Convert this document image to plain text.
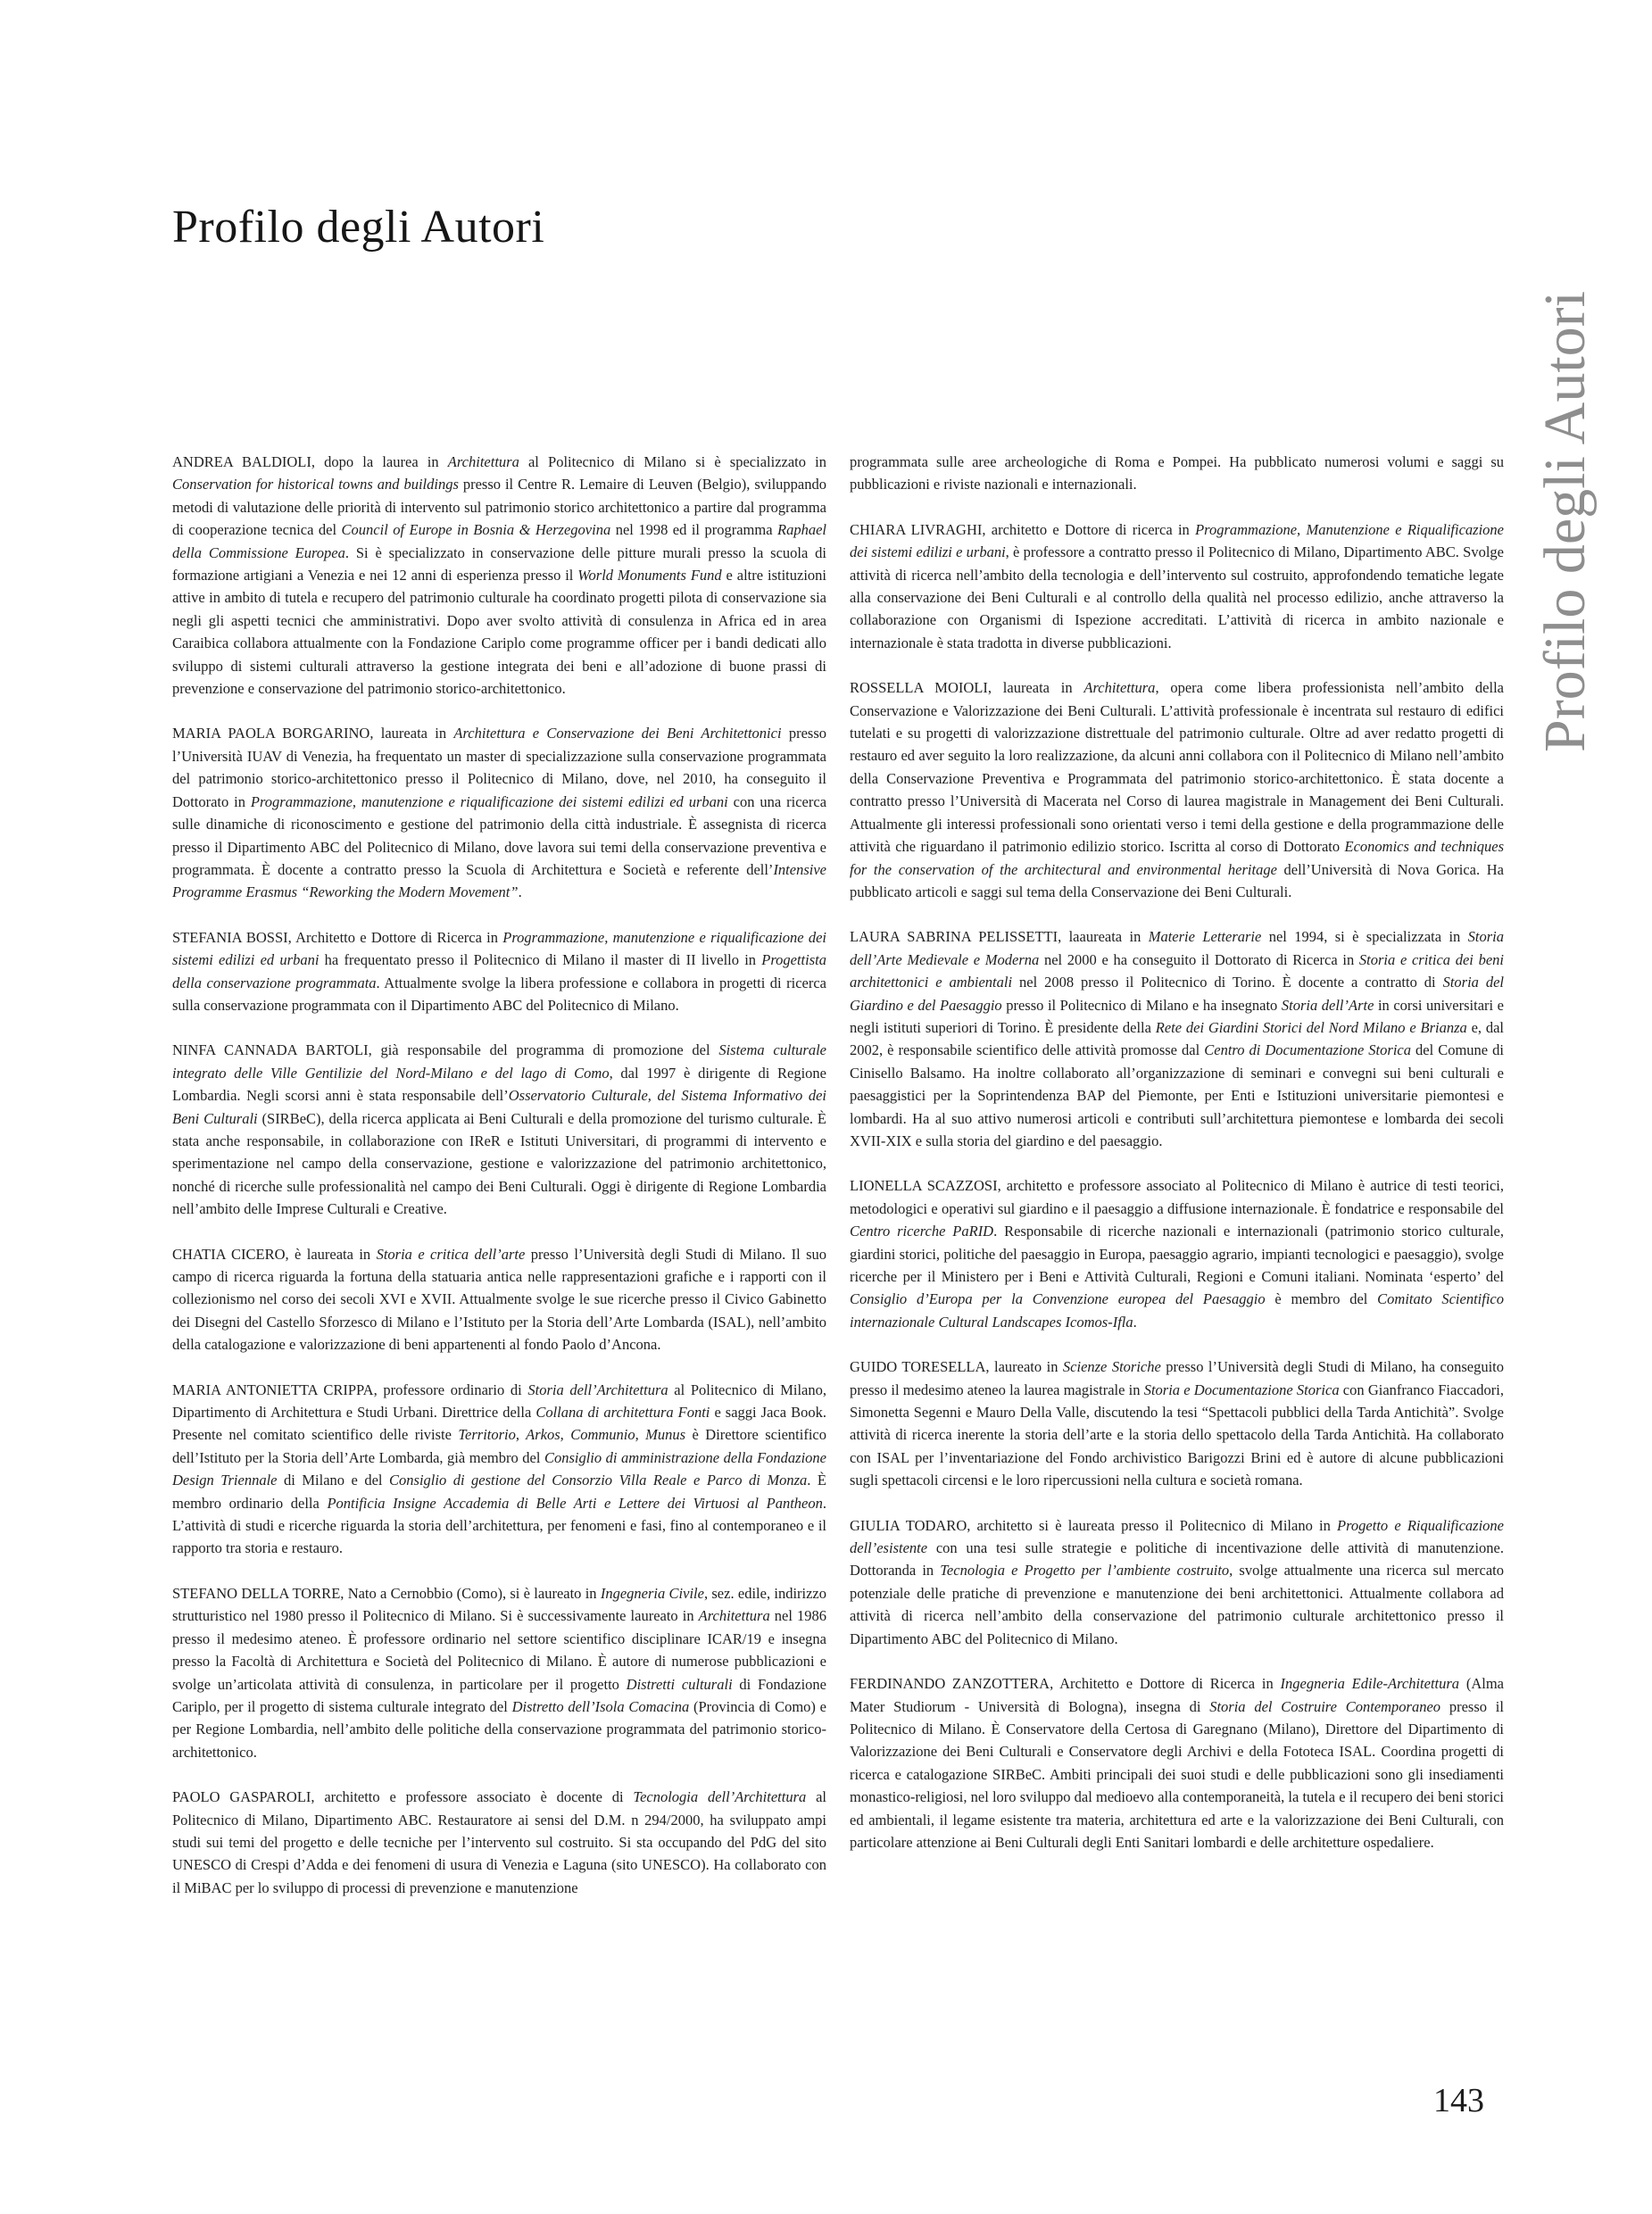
Profilo degli Autori

ANDREA BALDIOLI, dopo la laurea in Architettura al Politecnico di Milano si è specializzato in Conservation for historical towns and buildings presso il Centre R. Lemaire di Leuven (Belgio), sviluppando metodi di valutazione delle priorità di intervento sul patrimonio storico architettonico a partire dal programma di cooperazione tecnica del Council of Europe in Bosnia & Herzegovina nel 1998 ed il programma Raphael della Commissione Europea. Si è specializzato in conservazione delle pitture murali presso la scuola di formazione artigiani a Venezia e nei 12 anni di esperienza presso il World Monuments Fund e altre istituzioni attive in ambito di tutela e recupero del patrimonio culturale ha coordinato progetti pilota di conservazione sia negli gli aspetti tecnici che amministrativi. Dopo aver svolto attività di consulenza in Africa ed in area Caraibica collabora attualmente con la Fondazione Cariplo come programme officer per i bandi dedicati allo sviluppo di sistemi culturali attraverso la gestione integrata dei beni e all’adozione di buone prassi di prevenzione e conservazione del patrimonio storico-architettonico.

MARIA PAOLA BORGARINO, laureata in Architettura e Conservazione dei Beni Architettonici presso l’Università IUAV di Venezia, ha frequentato un master di specializzazione sulla conservazione programmata del patrimonio storico-architettonico presso il Politecnico di Milano, dove, nel 2010, ha conseguito il Dottorato in Programmazione, manutenzione e riqualificazione dei sistemi edilizi ed urbani con una ricerca sulle dinamiche di riconoscimento e gestione del patrimonio della città industriale. È assegnista di ricerca presso il Dipartimento ABC del Politecnico di Milano, dove lavora sui temi della conservazione preventiva e programmata. È docente a contratto presso la Scuola di Architettura e Società e referente dell’Intensive Programme Erasmus “Reworking the Modern Movement”.

STEFANIA BOSSI, Architetto e Dottore di Ricerca in Programmazione, manutenzione e riqualificazione dei sistemi edilizi ed urbani ha frequentato presso il Politecnico di Milano il master di II livello in Progettista della conservazione programmata. Attualmente svolge la libera professione e collabora in progetti di ricerca sulla conservazione programmata con il Dipartimento ABC del Politecnico di Milano.

NINFA CANNADA BARTOLI, già responsabile del programma di promozione del Sistema culturale integrato delle Ville Gentilizie del Nord-Milano e del lago di Como, dal 1997 è dirigente di Regione Lombardia. Negli scorsi anni è stata responsabile dell’Osservatorio Culturale, del Sistema Informativo dei Beni Culturali (SIRBeC), della ricerca applicata ai Beni Culturali e della promozione del turismo culturale. È stata anche responsabile, in collaborazione con IReR e Istituti Universitari, di programmi di intervento e sperimentazione nel campo della conservazione, gestione e valorizzazione del patrimonio architettonico, nonché di ricerche sulle professionalità nel campo dei Beni Culturali. Oggi è dirigente di Regione Lombardia nell’ambito delle Imprese Culturali e Creative.

CHATIA CICERO, è laureata in Storia e critica dell’arte presso l’Università degli Studi di Milano. Il suo campo di ricerca riguarda la fortuna della statuaria antica nelle rappresentazioni grafiche e i rapporti con il collezionismo nel corso dei secoli XVI e XVII. Attualmente svolge le sue ricerche presso il Civico Gabinetto dei Disegni del Castello Sforzesco di Milano e l’Istituto per la Storia dell’Arte Lombarda (ISAL), nell’ambito della catalogazione e valorizzazione di beni appartenenti al fondo Paolo d’Ancona.

MARIA ANTONIETTA CRIPPA, professore ordinario di Storia dell’Architettura al Politecnico di Milano, Dipartimento di Architettura e Studi Urbani. Direttrice della Collana di architettura Fonti e saggi Jaca Book. Presente nel comitato scientifico delle riviste Territorio, Arkos, Communio, Munus è Direttore scientifico dell’Istituto per la Storia dell’Arte Lombarda, già membro del Consiglio di amministrazione della Fondazione Design Triennale di Milano e del Consiglio di gestione del Consorzio Villa Reale e Parco di Monza. È membro ordinario della Pontificia Insigne Accademia di Belle Arti e Lettere dei Virtuosi al Pantheon. L’attività di studi e ricerche riguarda la storia dell’architettura, per fenomeni e fasi, fino al contemporaneo e il rapporto tra storia e restauro.

STEFANO DELLA TORRE, Nato a Cernobbio (Como), si è laureato in Ingegneria Civile, sez. edile, indirizzo strutturistico nel 1980 presso il Politecnico di Milano. Si è successivamente laureato in Architettura nel 1986 presso il medesimo ateneo. È professore ordinario nel settore scientifico disciplinare ICAR/19 e insegna presso la Facoltà di Architettura e Società del Politecnico di Milano. È autore di numerose pubblicazioni e svolge un’articolata attività di consulenza, in particolare per il progetto Distretti culturali di Fondazione Cariplo, per il progetto di sistema culturale integrato del Distretto dell’Isola Comacina (Provincia di Como) e per Regione Lombardia, nell’ambito delle politiche della conservazione programmata del patrimonio storico-architettonico.

PAOLO GASPAROLI, architetto e professore associato è docente di Tecnologia dell’Architettura al Politecnico di Milano, Dipartimento ABC. Restauratore ai sensi del D.M. n 294/2000, ha sviluppato ampi studi sui temi del progetto e delle tecniche per l’intervento sul costruito. Si sta occupando del PdG del sito UNESCO di Crespi d’Adda e dei fenomeni di usura di Venezia e Laguna (sito UNESCO). Ha collaborato con il MiBAC per lo sviluppo di processi di prevenzione e manutenzione

programmata sulle aree archeologiche di Roma e Pompei. Ha pubblicato numerosi volumi e saggi su pubblicazioni e riviste nazionali e internazionali.

CHIARA LIVRAGHI, architetto e Dottore di ricerca in Programmazione, Manutenzione e Riqualificazione dei sistemi edilizi e urbani, è professore a contratto presso il Politecnico di Milano, Dipartimento ABC. Svolge attività di ricerca nell’ambito della tecnologia e dell’intervento sul costruito, approfondendo tematiche legate alla conservazione dei Beni Culturali e al controllo della qualità nel processo edilizio, anche attraverso la collaborazione con Organismi di Ispezione accreditati. L’attività di ricerca in ambito nazionale e internazionale è stata tradotta in diverse pubblicazioni.

ROSSELLA MOIOLI, laureata in Architettura, opera come libera professionista nell’ambito della Conservazione e Valorizzazione dei Beni Culturali. L’attività professionale è incentrata sul restauro di edifici tutelati e su progetti di valorizzazione distrettuale del patrimonio culturale. Oltre ad aver redatto progetti di restauro ed aver seguito la loro realizzazione, da alcuni anni collabora con il Politecnico di Milano nell’ambito della Conservazione Preventiva e Programmata del patrimonio storico-architettonico. È stata docente a contratto presso l’Università di Macerata nel Corso di laurea magistrale in Management dei Beni Culturali. Attualmente gli interessi professionali sono orientati verso i temi della gestione e della programmazione delle attività che riguardano il patrimonio edilizio storico. Iscritta al corso di Dottorato Economics and techniques for the conservation of the architectural and environmental heritage dell’Università di Nova Gorica. Ha pubblicato articoli e saggi sul tema della Conservazione dei Beni Culturali.

LAURA SABRINA PELISSETTI, laaureata in Materie Letterarie nel 1994, si è specializzata in Storia dell’Arte Medievale e Moderna nel 2000 e ha conseguito il Dottorato di Ricerca in Storia e critica dei beni architettonici e ambientali nel 2008 presso il Politecnico di Torino. È docente a contratto di Storia del Giardino e del Paesaggio presso il Politecnico di Milano e ha insegnato Storia dell’Arte in corsi universitari e negli istituti superiori di Torino. È presidente della Rete dei Giardini Storici del Nord Milano e Brianza e, dal 2002, è responsabile scientifico delle attività promosse dal Centro di Documentazione Storica del Comune di Cinisello Balsamo. Ha inoltre collaborato all’organizzazione di seminari e convegni sui beni culturali e paesaggistici per la Soprintendenza BAP del Piemonte, per Enti e Istituzioni universitarie piemontesi e lombardi. Ha al suo attivo numerosi articoli e contributi sull’architettura piemontese e lombarda dei secoli XVII-XIX e sulla storia del giardino e del paesaggio.

LIONELLA SCAZZOSI, architetto e professore associato al Politecnico di Milano è autrice di testi teorici, metodologici e operativi sul giardino e il paesaggio a diffusione internazionale. È fondatrice e responsabile del Centro ricerche PaRID. Responsabile di ricerche nazionali e internazionali (patrimonio storico culturale, giardini storici, politiche del paesaggio in Europa, paesaggio agrario, impianti tecnologici e paesaggio), svolge ricerche per il Ministero per i Beni e Attività Culturali, Regioni e Comuni italiani. Nominata ‘esperto’ del Consiglio d’Europa per la Convenzione europea del Paesaggio è membro del Comitato Scientifico internazionale Cultural Landscapes Icomos-Ifla.

GUIDO TORESELLA, laureato in Scienze Storiche presso l’Università degli Studi di Milano, ha conseguito presso il medesimo ateneo la laurea magistrale in Storia e Documentazione Storica con Gianfranco Fiaccadori, Simonetta Segenni e Mauro Della Valle, discutendo la tesi “Spettacoli pubblici della Tarda Antichità”. Svolge attività di ricerca inerente la storia dell’arte e la storia dello spettacolo della Tarda Antichità. Ha collaborato con ISAL per l’inventariazione del Fondo archivistico Barigozzi Brini ed è autore di alcune pubblicazioni sugli spettacoli circensi e le loro ripercussioni nella cultura e società romana.

GIULIA TODARO, architetto si è laureata presso il Politecnico di Milano in Progetto e Riqualificazione dell’esistente con una tesi sulle strategie e politiche di incentivazione delle attività di manutenzione. Dottoranda in Tecnologia e Progetto per l’ambiente costruito, svolge attualmente una ricerca sul mercato potenziale delle pratiche di prevenzione e manutenzione dei beni architettonici. Attualmente collabora ad attività di ricerca nell’ambito della conservazione del patrimonio culturale architettonico presso il Dipartimento ABC del Politecnico di Milano.

FERDINANDO ZANZOTTERA, Architetto e Dottore di Ricerca in Ingegneria Edile-Architettura (Alma Mater Studiorum - Università di Bologna), insegna di Storia del Costruire Contemporaneo presso il Politecnico di Milano. È Conservatore della Certosa di Garegnano (Milano), Direttore del Dipartimento di Valorizzazione dei Beni Culturali e Conservatore degli Archivi e della Fototeca ISAL. Coordina progetti di ricerca e catalogazione SIRBeC. Ambiti principali dei suoi studi e delle pubblicazioni sono gli insediamenti monastico-religiosi, nel loro sviluppo dal medioevo alla contemporaneità, la tutela e il recupero dei beni storici ed ambientali, il legame esistente tra materia, architettura ed arte e la valorizzazione dei Beni Culturali, con particolare attenzione ai Beni Culturali degli Enti Sanitari lombardi e delle architetture ospedaliere.

Profilo degli Autori
143
